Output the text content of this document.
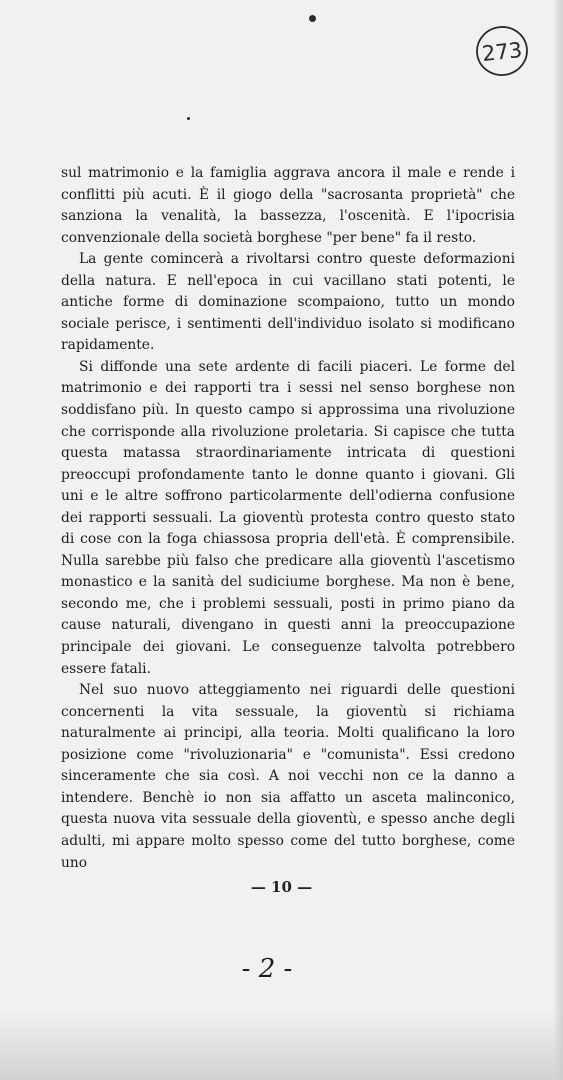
273

sul matrimonio e la famiglia aggrava ancora il male e rende i conflitti più acuti. È il giogo della "sacrosanta proprietà" che sanziona la venalità, la bassezza, l'oscenità. E l'ipocrisia convenzionale della società borghese "per bene" fa il resto.

La gente comincerà a rivoltarsi contro queste deformazioni della natura. E nell'epoca in cui vacillano stati potenti, le antiche forme di dominazione scompaiono, tutto un mondo sociale perisce, i sentimenti dell'individuo isolato si modificano rapidamente.

Si diffonde una sete ardente di facili piaceri. Le forme del matrimonio e dei rapporti tra i sessi nel senso borghese non soddisfano più. In questo campo si approssima una rivoluzione che corrisponde alla rivoluzione proletaria. Si capisce che tutta questa matassa straordinariamente intricata di questioni preoccupi profondamente tanto le donne quanto i giovani. Gli uni e le altre soffrono particolarmente dell'odierna confusione dei rapporti sessuali. La gioventù protesta contro questo stato di cose con la foga chiassosa propria dell'età. È comprensibile. Nulla sarebbe più falso che predicare alla gioventù l'ascetismo monastico e la sanità del sudiciume borghese. Ma non è bene, secondo me, che i problemi sessuali, posti in primo piano da cause naturali, divengano in questi anni la preoccupazione principale dei giovani. Le conseguenze talvolta potrebbero essere fatali.

Nel suo nuovo atteggiamento nei riguardi delle questioni concernenti la vita sessuale, la gioventù si richiama naturalmente ai principi, alla teoria. Molti qualificano la loro posizione come "rivoluzionaria" e "comunista". Essi credono sinceramente che sia così. A noi vecchi non ce la danno a intendere. Benchè io non sia affatto un asceta malinconico, questa nuova vita sessuale della gioventù, e spesso anche degli adulti, mi appare molto spesso come del tutto borghese, come uno

— 10 —
- 2 -
